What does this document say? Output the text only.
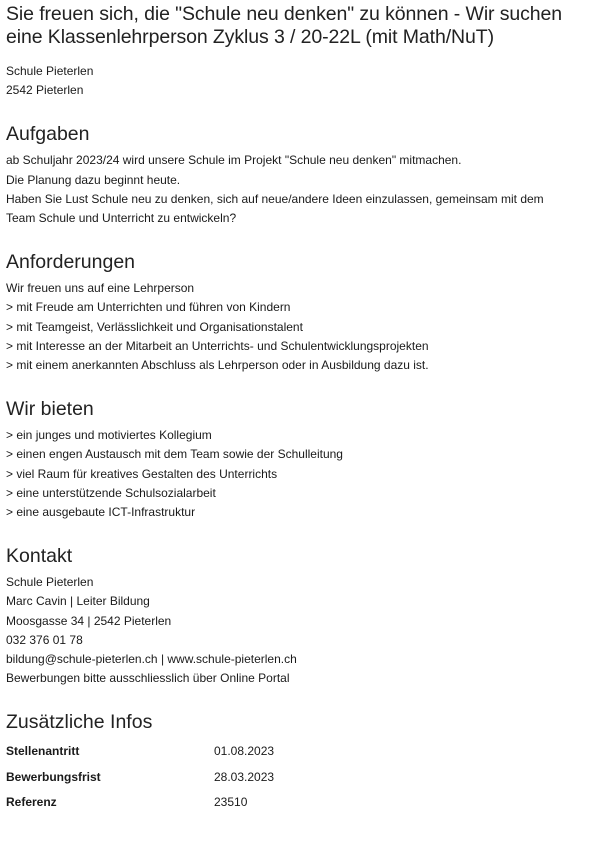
Sie freuen sich, die "Schule neu denken" zu können - Wir suchen
eine Klassenlehrperson Zyklus 3 / 20-22L (mit Math/NuT)
Schule Pieterlen
2542 Pieterlen
Aufgaben
ab Schuljahr 2023/24 wird unsere Schule im Projekt "Schule neu denken" mitmachen.
Die Planung dazu beginnt heute.
Haben Sie Lust Schule neu zu denken, sich auf neue/andere Ideen einzulassen, gemeinsam mit dem
Team Schule und Unterricht zu entwickeln?
Anforderungen
Wir freuen uns auf eine Lehrperson
> mit Freude am Unterrichten und führen von Kindern
> mit Teamgeist, Verlässlichkeit und Organisationstalent
> mit Interesse an der Mitarbeit an Unterrichts- und Schulentwicklungsprojekten
> mit einem anerkannten Abschluss als Lehrperson oder in Ausbildung dazu ist.
Wir bieten
> ein junges und motiviertes Kollegium
> einen engen Austausch mit dem Team sowie der Schulleitung
> viel Raum für kreatives Gestalten des Unterrichts
> eine unterstützende Schulsozialarbeit
> eine ausgebaute ICT-Infrastruktur
Kontakt
Schule Pieterlen
Marc Cavin | Leiter Bildung
Moosgasse 34 | 2542 Pieterlen
032 376 01 78
bildung@schule-pieterlen.ch | www.schule-pieterlen.ch
Bewerbungen bitte ausschliesslich über Online Portal
Zusätzliche Infos
Stellenantritt	01.08.2023
Bewerbungsfrist	28.03.2023
Referenz	23510
